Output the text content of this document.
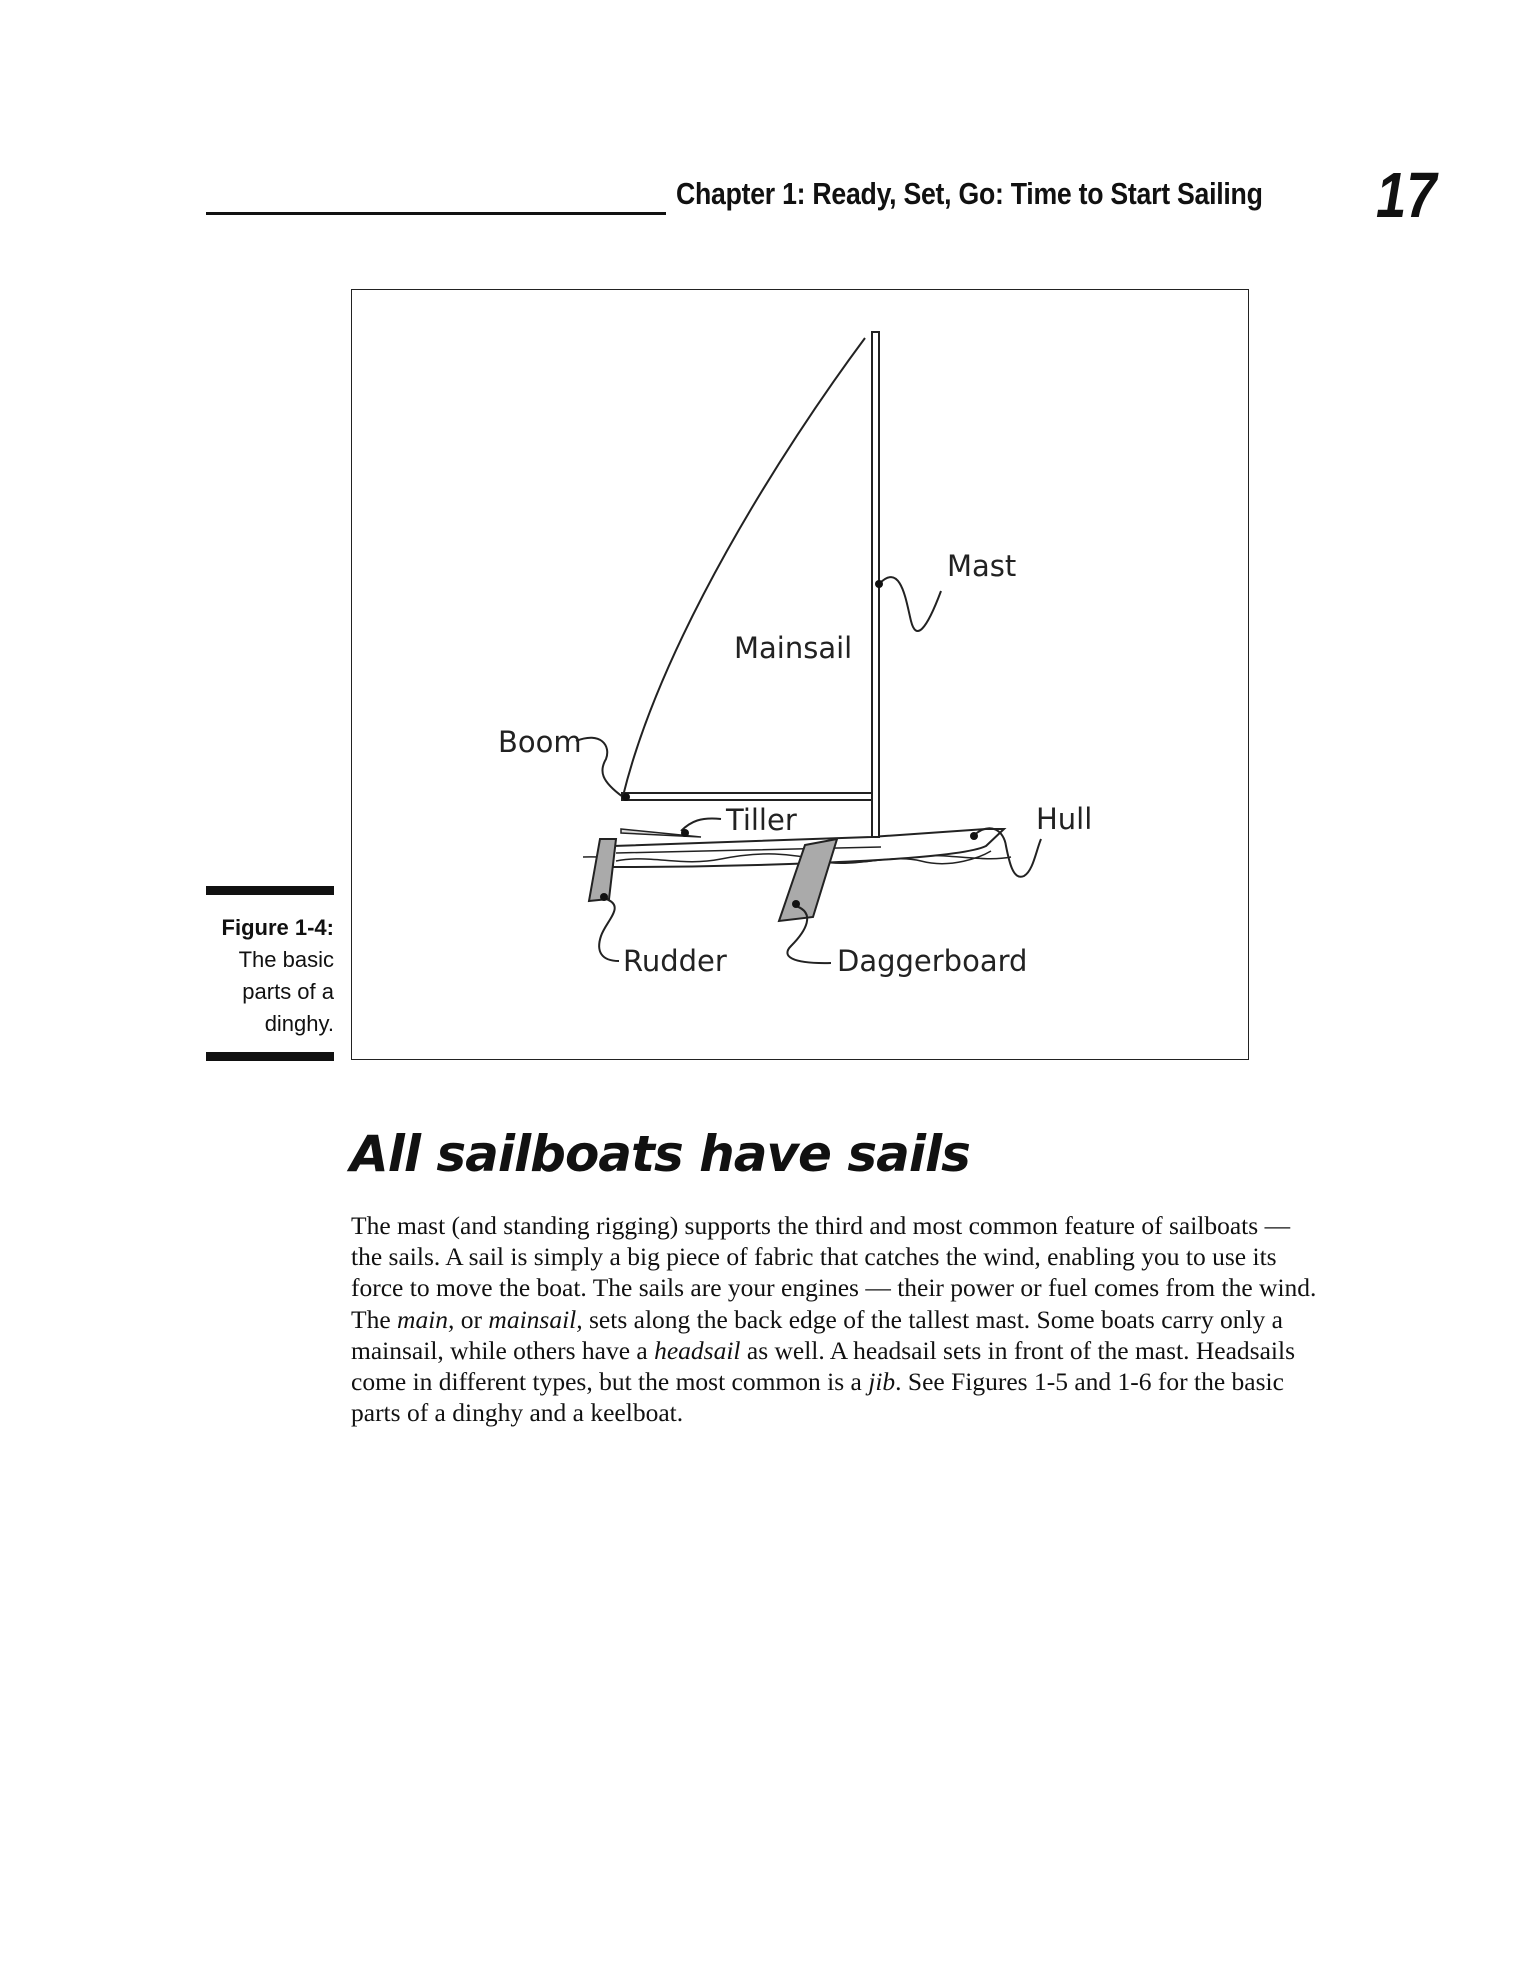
Chapter 1: Ready, Set, Go: Time to Start Sailing 17
Figure 1-4:
The basic parts of a dinghy.
Mast
Mainsail
Boom
Tiller	Hull
Rudder	Daggerboard
All sailboats have sails
The mast (and standing rigging) supports the third and most common feature of sailboats — the sails. A sail is simply a big piece of fabric that catches the wind, enabling you to use its force to move the boat. The sails are your engines — their power or fuel comes from the wind. The main, or mainsail, sets along the back edge of the tallest mast. Some boats carry only a mainsail, while others have a headsail as well. A headsail sets in front of the mast. Headsails come in different types, but the most common is a jib. See Figures 1-5 and 1-6 for the basic parts of a dinghy and a keelboat.
